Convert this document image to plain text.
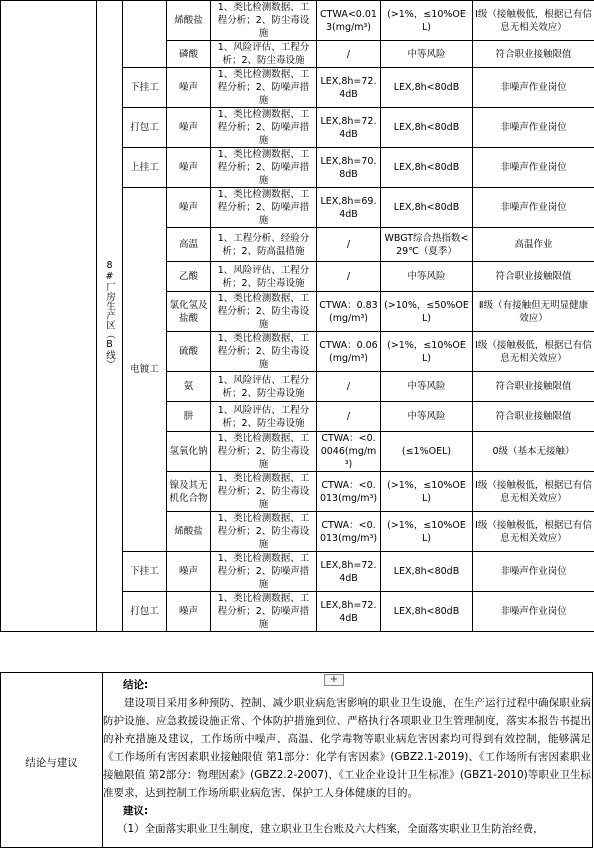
	8#厂房生产区（B线）		烯酸盐	1、类比检测数据、工程分析；2、防尘毒设施	CTWA<0.013(mg/m³)	(>1%，≤10%OEL)	Ⅰ级（接触极低，根据已有信息无相关效应）
			磷酸	1、风险评估、工程分析；2、防尘毒设施	/	中等风险	符合职业接触限值
		下挂工	噪声	1、类比检测数据、工程分析；2、防噪声措施	LEX,8h=72.4dB	LEX,8h<80dB	非噪声作业岗位
		打包工	噪声	1、类比检测数据、工程分析；2、防噪声措施	LEX,8h=72.4dB	LEX,8h<80dB	非噪声作业岗位
		上挂工	噪声	1、类比检测数据、工程分析；2、防噪声措施	LEX,8h=70.8dB	LEX,8h<80dB	非噪声作业岗位
		电镀工	噪声	1、类比检测数据、工程分析；2、防噪声措施	LEX,8h=69.4dB	LEX,8h<80dB	非噪声作业岗位
			高温	1、工程分析、经验分析；2、防高温措施	/	WBGT综合热指数<29℃（夏季）	高温作业
			乙酸	1、风险评估、工程分析；2、防尘毒设施	/	中等风险	符合职业接触限值
			氯化氢及盐酸	1、类比检测数据、工程分析；2、防尘毒设施	CTWA：0.83(mg/m³)	(>10%，≤50%OEL)	Ⅱ级（有接触但无明显健康效应）
			硫酸	1、类比检测数据、工程分析；2、防尘毒设施	CTWA：0.06(mg/m³)	(>1%，≤10%OEL)	Ⅰ级（接触极低，根据已有信息无相关效应）
			氨	1、风险评估、工程分析；2、防尘毒设施	/	中等风险	符合职业接触限值
			肼	1、风险评估、工程分析；2、防尘毒设施	/	中等风险	符合职业接触限值
			氢氧化钠	1、类比检测数据、工程分析；2、防尘毒设施	CTWA：<0.0046(mg/m³)	(≤1%OEL)	0级（基本无接触）
			镍及其无机化合物	1、类比检测数据、工程分析；2、防尘毒设施	CTWA：<0.013(mg/m³)	(>1%，≤10%OEL)	Ⅰ级（接触极低，根据已有信息无相关效应）
			烯酸盐	1、类比检测数据、工程分析；2、防尘毒设施	CTWA：<0.013(mg/m³)	(>1%，≤10%OEL)	Ⅰ级（接触极低，根据已有信息无相关效应）
		下挂工	噪声	1、类比检测数据、工程分析；2、防噪声措施	LEX,8h=72.4dB	LEX,8h<80dB	非噪声作业岗位
		打包工	噪声	1、类比检测数据、工程分析；2、防噪声措施	LEX,8h=72.4dB	LEX,8h<80dB	非噪声作业岗位
+
结论与建议

结论:

建设项目采用多种预防、控制、减少职业病危害影响的职业卫生设施，在生产运行过程中确保职业病防护设施、应急救援设施正常、个体防护措施到位、严格执行各项职业卫生管理制度，落实本报告书提出的补充措施及建议，工作场所中噪声、高温、化学毒物等职业病危害因素均可得到有效控制，能够满足《工作场所有害因素职业接触限值 第1部分：化学有害因素》(GBZ2.1-2019)、《工作场所有害因素职业接触限值 第2部分：物理因素》(GBZ2.2-2007)、《工业企业设计卫生标准》(GBZ1-2010)等职业卫生标准要求，达到控制工作场所职业病危害、保护工人身体健康的目的。

建议:

（1）全面落实职业卫生制度，建立职业卫生台账及六大档案，全面落实职业卫生防治经费，
